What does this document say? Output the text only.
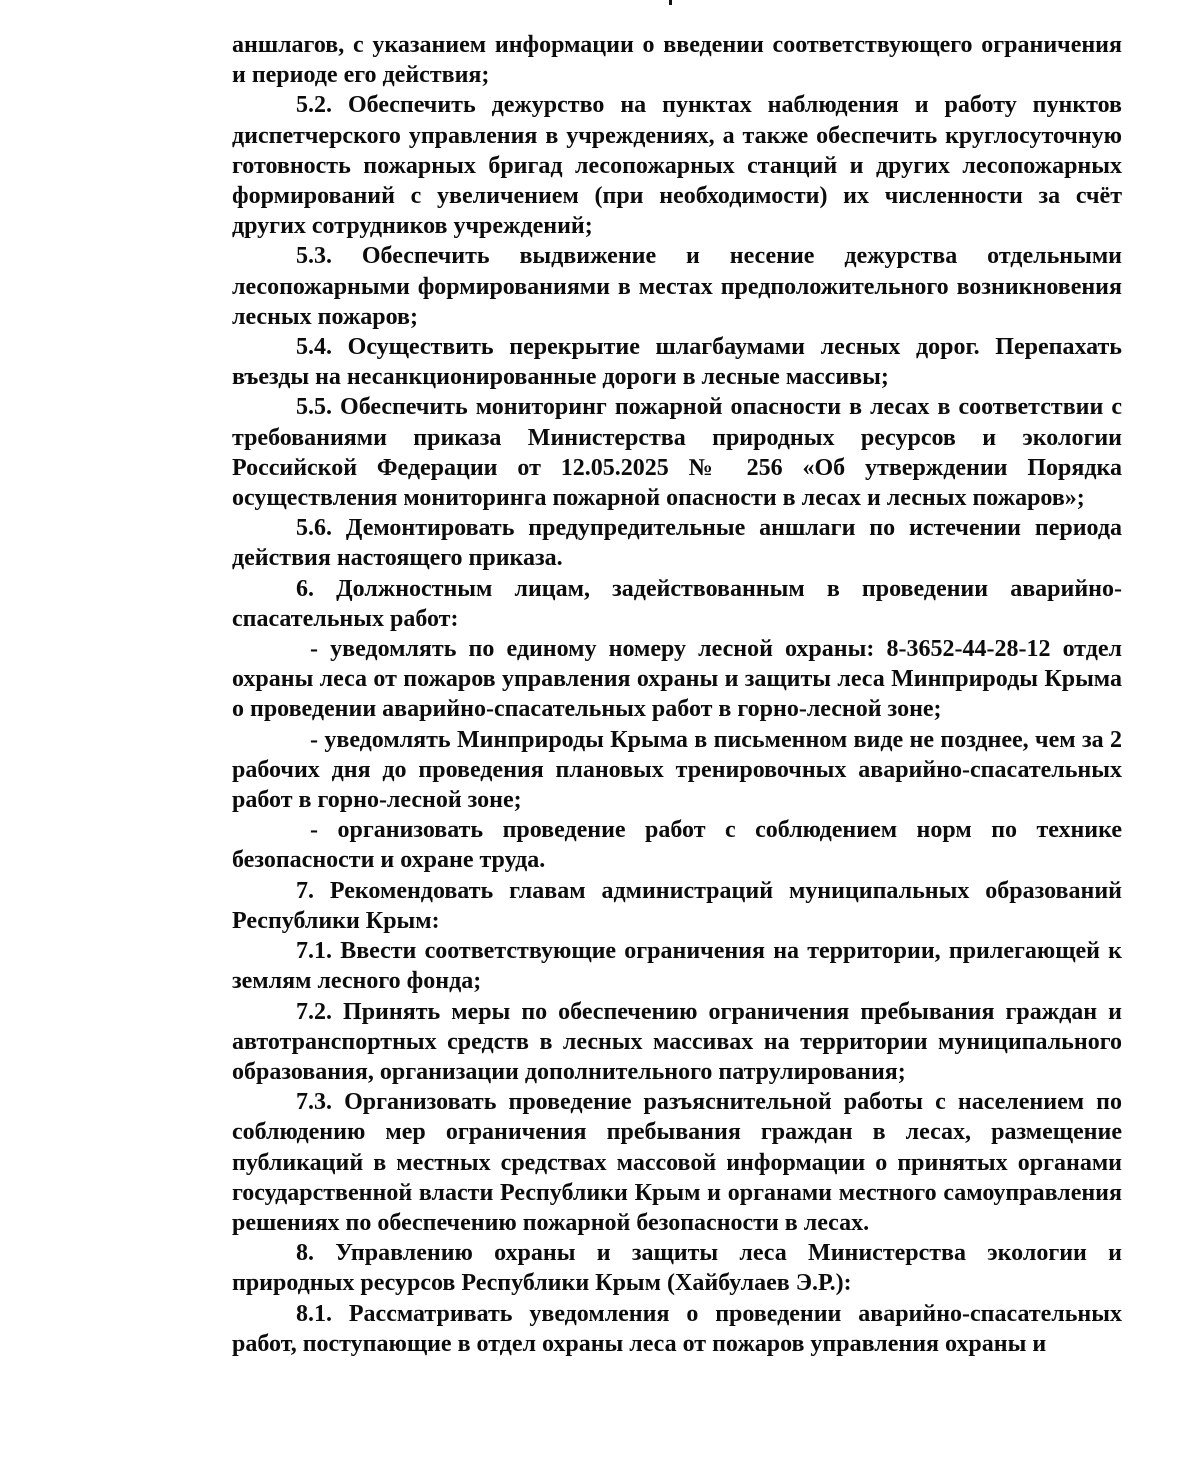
аншлагов, с указанием информации о введении соответствующего ограничения и периоде его действия;

5.2. Обеспечить дежурство на пунктах наблюдения и работу пунктов диспетчерского управления в учреждениях, а также обеспечить круглосуточную готовность пожарных бригад лесопожарных станций и других лесопожарных формирований с увеличением (при необходимости) их численности за счёт других сотрудников учреждений;

5.3. Обеспечить выдвижение и несение дежурства отдельными лесопожарными формированиями в местах предположительного возникновения лесных пожаров;

5.4. Осуществить перекрытие шлагбаумами лесных дорог. Перепахать въезды на несанкционированные дороги в лесные массивы;

5.5. Обеспечить мониторинг пожарной опасности в лесах в соответствии с требованиями приказа Министерства природных ресурсов и экологии Российской Федерации от 12.05.2025 № 256 «Об утверждении Порядка осуществления мониторинга пожарной опасности в лесах и лесных пожаров»;

5.6. Демонтировать предупредительные аншлаги по истечении периода действия настоящего приказа.

6. Должностным лицам, задействованным в проведении аварийно-спасательных работ:

- уведомлять по единому номеру лесной охраны: 8-3652-44-28-12 отдел охраны леса от пожаров управления охраны и защиты леса Минприроды Крыма о проведении аварийно-спасательных работ в горно-лесной зоне;

- уведомлять Минприроды Крыма в письменном виде не позднее, чем за 2 рабочих дня до проведения плановых тренировочных аварийно-спасательных работ в горно-лесной зоне;

- организовать проведение работ с соблюдением норм по технике безопасности и охране труда.

7. Рекомендовать главам администраций муниципальных образований Республики Крым:

7.1. Ввести соответствующие ограничения на территории, прилегающей к землям лесного фонда;

7.2. Принять меры по обеспечению ограничения пребывания граждан и автотранспортных средств в лесных массивах на территории муниципального образования, организации дополнительного патрулирования;

7.3. Организовать проведение разъяснительной работы с населением по соблюдению мер ограничения пребывания граждан в лесах, размещение публикаций в местных средствах массовой информации о принятых органами государственной власти Республики Крым и органами местного самоуправления решениях по обеспечению пожарной безопасности в лесах.

8. Управлению охраны и защиты леса Министерства экологии и природных ресурсов Республики Крым (Хайбулаев Э.Р.):

8.1. Рассматривать уведомления о проведении аварийно-спасательных работ, поступающие в отдел охраны леса от пожаров управления охраны и
